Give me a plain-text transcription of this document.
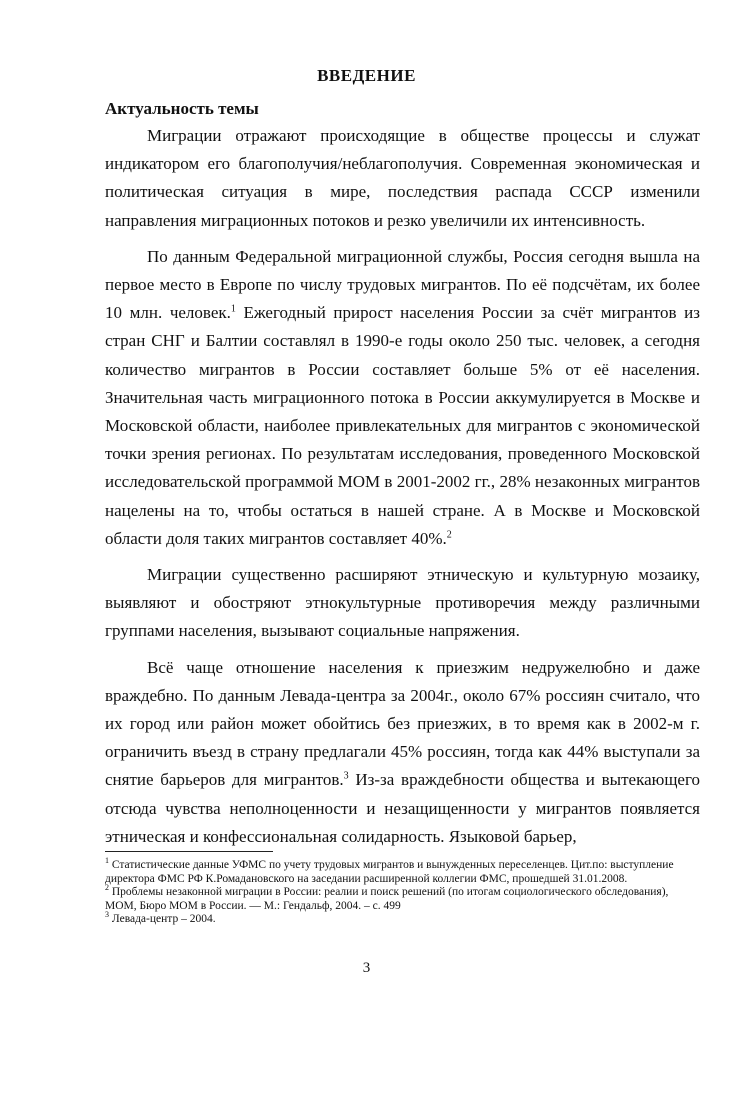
ВВЕДЕНИЕ
Актуальность темы

Миграции отражают происходящие в обществе процессы и служат индикатором его благополучия/неблагополучия. Современная экономическая и политическая ситуация в мире, последствия распада СССР изменили направления миграционных потоков и резко увеличили их интенсивность.

По данным Федеральной миграционной службы, Россия сегодня вышла на первое место в Европе по числу трудовых мигрантов. По её подсчётам, их более 10 млн. человек.$^1$ Ежегодный прирост населения России за счёт мигрантов из стран СНГ и Балтии составлял в 1990-е годы около 250 тыс. человек, а сегодня количество мигрантов в России составляет больше 5% от её населения. Значительная часть миграционного потока в России аккумулируется в Москве и Московской области, наиболее привлекательных для мигрантов с экономической точки зрения регионах. По результатам исследования, проведенного Московской исследовательской программой МОМ в 2001-2002 гг., 28% незаконных мигрантов нацелены на то, чтобы остаться в нашей стране. А в Москве и Московской области доля таких мигрантов составляет 40%.$^2$

Миграции существенно расширяют этническую и культурную мозаику, выявляют и обостряют этнокультурные противоречия между различными группами населения, вызывают социальные напряжения.

Всё чаще отношение населения к приезжим недружелюбно и даже враждебно. По данным Левада-центра за 2004г., около 67% россиян считало, что их город или район может обойтись без приезжих, в то время как в 2002-м г. ограничить въезд в страну предлагали 45% россиян, тогда как 44% выступали за снятие барьеров для мигрантов.$^3$ Из-за враждебности общества и вытекающего отсюда чувства неполноценности и незащищенности у мигрантов появляется этническая и конфессиональная солидарность. Языковой барьер,

$^1$ Статистические данные УФМС по учету трудовых мигрантов и вынужденных переселенцев. Цит.по: выступление директора ФМС РФ К.Ромадановского на заседании расширенной коллегии ФМС, прошедшей 31.01.2008.

$^2$ Проблемы незаконной миграции в России: реалии и поиск решений (по итогам социологического обследования), МОМ, Бюро МОМ в России. — М.: Гендальф, 2004. – с. 499

$^3$ Левада-центр – 2004.

3
